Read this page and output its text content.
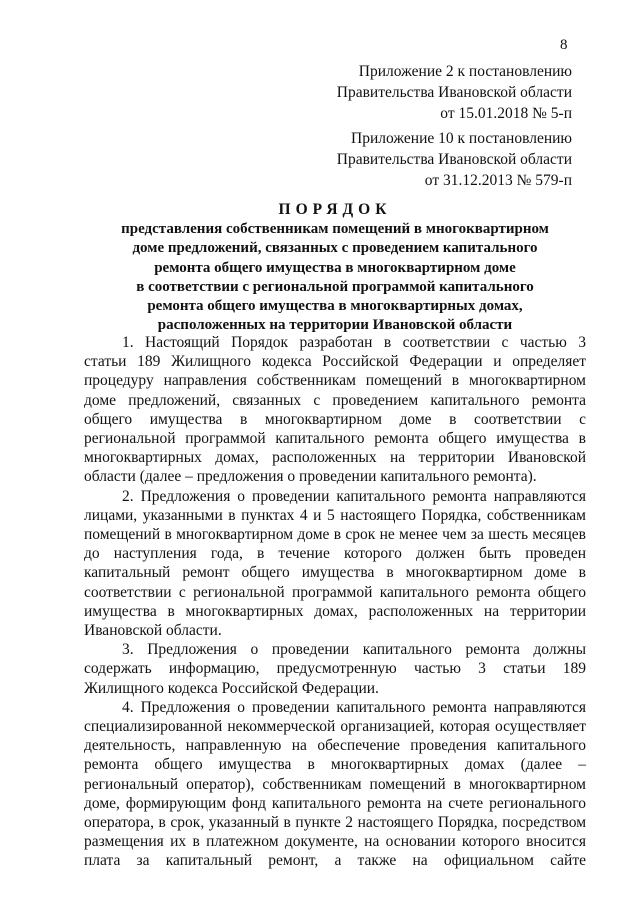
8
Приложение 2 к постановлению
Правительства Ивановской области
от 15.01.2018 № 5-п
Приложение 10 к постановлению
Правительства Ивановской области
от 31.12.2013 № 579-п
ПОРЯДОК
представления собственникам помещений в многоквартирном
доме предложений, связанных с проведением капитального
ремонта общего имущества в многоквартирном доме
в соответствии с региональной программой капитального
ремонта общего имущества в многоквартирных домах,
расположенных на территории Ивановской области
1. Настоящий Порядок разработан в соответствии с частью 3
статьи 189 Жилищного кодекса Российской Федерации и определяет
процедуру направления собственникам помещений в многоквартирном
доме предложений, связанных с проведением капитального ремонта
общего имущества в многоквартирном доме в соответствии с
региональной программой капитального ремонта общего имущества в
многоквартирных домах, расположенных на территории Ивановской
области (далее – предложения о проведении капитального ремонта).
2. Предложения о проведении капитального ремонта направляются
лицами, указанными в пунктах 4 и 5 настоящего Порядка, собственникам
помещений в многоквартирном доме в срок не менее чем за шесть месяцев
до наступления года, в течение которого должен быть проведен
капитальный ремонт общего имущества в многоквартирном доме в
соответствии с региональной программой капитального ремонта общего
имущества в многоквартирных домах, расположенных на территории
Ивановской области.
3. Предложения о проведении капитального ремонта должны
содержать информацию, предусмотренную частью 3 статьи 189
Жилищного кодекса Российской Федерации.
4. Предложения о проведении капитального ремонта направляются
специализированной некоммерческой организацией, которая осуществляет
деятельность, направленную на обеспечение проведения капитального
ремонта общего имущества в многоквартирных домах (далее –
региональный оператор), собственникам помещений в многоквартирном
доме, формирующим фонд капитального ремонта на счете регионального
оператора, в срок, указанный в пункте 2 настоящего Порядка, посредством
размещения их в платежном документе, на основании которого вносится
плата за капитальный ремонт, а также на официальном сайте
